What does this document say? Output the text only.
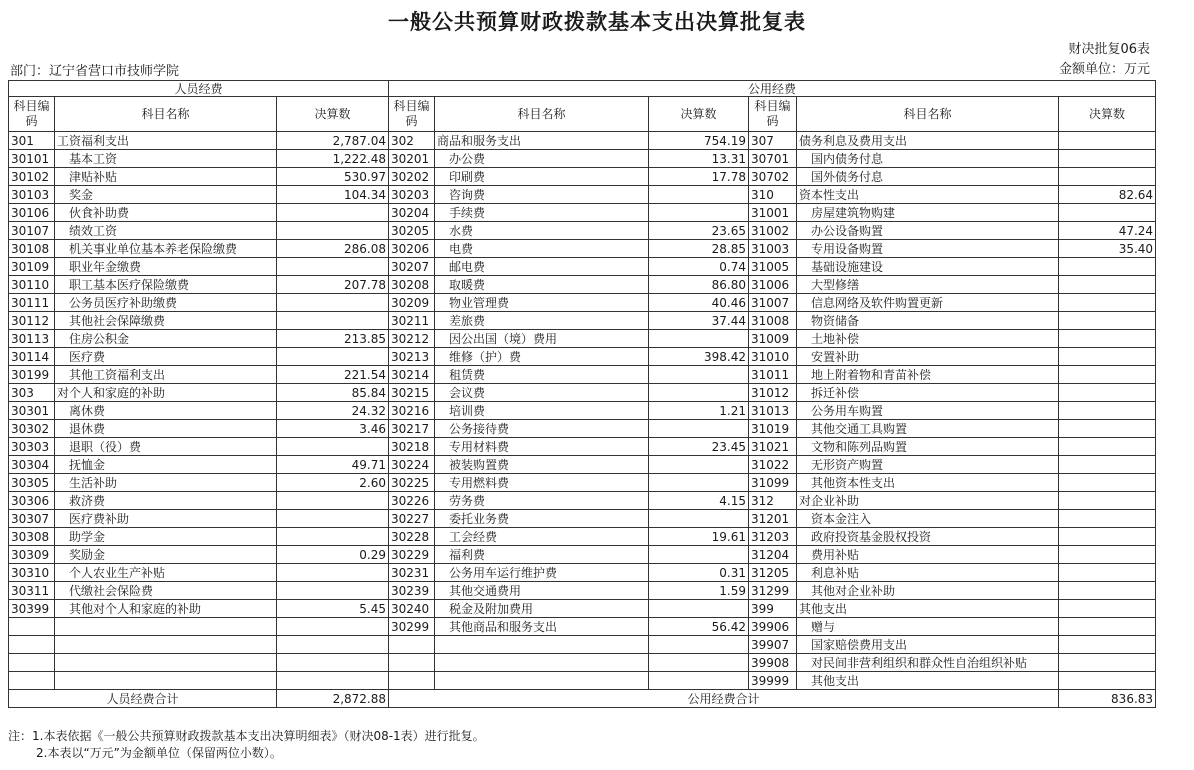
一般公共预算财政拨款基本支出决算批复表
财决批复06表
部门：辽宁省营口市技师学院	金额单位：万元
人员经费			公用经费					
科目编码	科目名称	决算数	科目编码	科目名称	决算数	科目编码	科目名称	决算数
301	工资福利支出	2,787.04	302	商品和服务支出	754.19	307	债务利息及费用支出	
30101	基本工资	1,222.48	30201	办公费	13.31	30701	国内债务付息	
30102	津贴补贴	530.97	30202	印刷费	17.78	30702	国外债务付息	
30103	奖金	104.34	30203	咨询费		310	资本性支出	82.64
30106	伙食补助费		30204	手续费		31001	房屋建筑物购建	
30107	绩效工资		30205	水费	23.65	31002	办公设备购置	47.24
30108	机关事业单位基本养老保险缴费	286.08	30206	电费	28.85	31003	专用设备购置	35.40
30109	职业年金缴费		30207	邮电费	0.74	31005	基础设施建设	
30110	职工基本医疗保险缴费	207.78	30208	取暖费	86.80	31006	大型修缮	
30111	公务员医疗补助缴费		30209	物业管理费	40.46	31007	信息网络及软件购置更新	
30112	其他社会保障缴费		30211	差旅费	37.44	31008	物资储备	
30113	住房公积金	213.85	30212	因公出国（境）费用		31009	土地补偿	
30114	医疗费		30213	维修（护）费	398.42	31010	安置补助	
30199	其他工资福利支出	221.54	30214	租赁费		31011	地上附着物和青苗补偿	
303	对个人和家庭的补助	85.84	30215	会议费		31012	拆迁补偿	
30301	离休费	24.32	30216	培训费	1.21	31013	公务用车购置	
30302	退休费	3.46	30217	公务接待费		31019	其他交通工具购置	
30303	退职（役）费		30218	专用材料费	23.45	31021	文物和陈列品购置	
30304	抚恤金	49.71	30224	被装购置费		31022	无形资产购置	
30305	生活补助	2.60	30225	专用燃料费		31099	其他资本性支出	
30306	救济费		30226	劳务费	4.15	312	对企业补助	
30307	医疗费补助		30227	委托业务费		31201	资本金注入	
30308	助学金		30228	工会经费	19.61	31203	政府投资基金股权投资	
30309	奖励金	0.29	30229	福利费		31204	费用补贴	
30310	个人农业生产补贴		30231	公务用车运行维护费	0.31	31205	利息补贴	
30311	代缴社会保险费		30239	其他交通费用	1.59	31299	其他对企业补助	
30399	其他对个人和家庭的补助	5.45	30240	税金及附加费用		399	其他支出	
			30299	其他商品和服务支出	56.42	39906	赠与	
						39907	国家赔偿费用支出	
						39908	对民间非营利组织和群众性自治组织补贴	
						39999	其他支出	
人员经费合计		2,872.88	公用经费合计					836.83
注：1.本表依据《一般公共预算财政拨款基本支出决算明细表》（财决08-1表）进行批复。
2.本表以“万元”为金额单位（保留两位小数）。
